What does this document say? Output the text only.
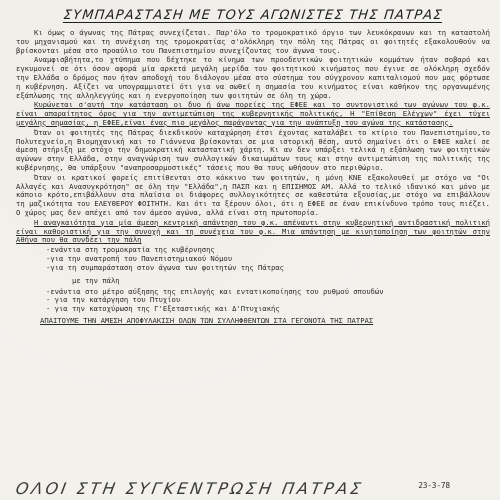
ΣΥΜΠΑΡΑΣΤΑΣΗ ΜΕ ΤΟΥΣ ΑΓΩΝΙΣΤΕΣ ΤΗΣ ΠΑΤΡΑΣ

Κι όμως ο άγωνας της Πάτρας συνεχίζεται. Παρ'όλο το τρομοκρατικό όργιο των λευκόκρανων και τη καταστολή του μηχανισμού και τη συνέχιση της τρομοκρατίας σ'ολόκληρη την πόλη της Πάτρας οι φοιτητές εξακολουθούν να βρίσκονται μέσα στο προαύλιο του Πανεπιστημίου συνεχίζοντας τον άγωνα τους.

Αναμφισβήτητα,το χτύπημα που δέχτηκε το κίνημα των προοδευτικών φοιτητικών κομμάτων ήταν σοβαρό και εγκυμονεί σε ότι όσον αφορά μία αρκετά μεγάλη μερίδα του φοιτητικού κινήματος που έγινε σε ολόκληρη σχεδόν την Ελλάδα ο δρόμος που ήταν αποδοχή του διάλογου μέσα στο σύστημα του σύγχρονου καπιταλισμού που μας φόρτωσε η κυβέρνηση. Αξίζει να υπογραμμιστεί ότι για να σωθεί η σημασία του κινήματος είναι καθήκον της οργανωμένης εξάπλωσης της αλληλεγγύης και η ενεργοποίηση των φοιτητών σε όλη τη χώρα.

Κυρώνεται σ'αυτή την κατάσταση οι δυο ή άνω πορείες της ΕΦΕΕ και το συντονιστικό των αγώνων του φ.κ. είναι απαραίτητος όρος για την αντιμετώπιση της κυβερνητικής πολιτικής, Η "Επίθεση Ελέγχων" έχει τύχει μεγάλης σημασίας, η ΕΦΕΕ,είναι ένας πιο μεγάλος παράγοντας για την ανάπτυξη του αγώνα της κατάστασης.

Όταν οι φοιτητές της Πάτρας διεκδικούν καταχώρηση έτσι έχοντας καταλάβει το κτίριο του Πανεπιστημίου,το Πολυτεχνείο,η Βιομηχανική και το Γιάννενα βρίσκονται σε μια ιστορική θέση, αυτό σημαίνει ότι ο ΕΦΕΕ καλεί σε άμεση στήριξη με στόχο την δημοκρατική καταστατική χάρτη. Κι αν δεν υπάρξει τελικά η εξάπλωση των φοιτητικών αγώνων στην Ελλάδα, στην αναγνώριση των συλλογικών δικαιωμάτων τους και στην αντιμετώπιση της πολιτικής της κυβέρνησης, θα υπάρξουν "αναπροσαρμοστικές" τάσεις που θα τους ωθήσουν στο περιθώριο.

Όταν οι κρατικοί φορείς επιτίθενται στο κόκκινο των φοιτητών, η μόνη ΚΝΕ εξακολουθεί με στόχο να "Οι Αλλαγές και Ανασυγκρότηση" σε όλη την "Ελλάδα",η ΠΑΣΠ και η ΕΠΙΣΗΜΟΣ ΑΜ. Αλλά το τελικό ιδανικό και μόνο με κάποιο κρότο,επιβάλλουν στα πλαίσια οι διάφορες συλλογικότητες σε καθεστώτα εξουσίας,με στόχο να επιβάλλουν τη μαζικότητα του ΕΛΕΥΘΕΡΟΥ ΦΟΙΤΗΤΗ. Και ότι τα ξέρουν όλοι, ότι η ΕΦΕΕ σε έναν επικίνδυνο τρόπο τους πιέζει. Ο χώρος μας δεν απέχει από τον άμεσο αγώνα, αλλά είναι στη πρωτοπορία.

Η αναγκαιότητα για μία άμεση κεντρική απάντηση του φ.κ. απέναντι στην κυβερνητική αντιδραστική πολιτική είναι καθοριστική για την συνοχή και τη συνέχεια του φ.κ. Μια απάντηση με κινητοποίηση των φοιτητών στην Αθήνα που θα συνδέει την πάλη

-ενάντια στη τρομοκρατία της κυβέρνησης
-για την ανατροπή του Πανεπιστημιακού Νόμου
-για τη συμπαράσταση στον άγωνα των φοιτητών της Πάτρας
με την πάλη
-ενάντια στο μέτρο αύξησης της επιλογής και εντατικοποίησης του ρυθμού σπουδών
- για την κατάργηση του Πτυχίου
- για την κατοχύρωση της Γ'Εξεταστικής και Δ'Πτυχιακής
ΑΠΑΙΤΟΥΜΕ ΤΗΝ ΑΜΕΣΗ ΑΠΟΦΥΛΑΚΙΣΗ ΟΛΩΝ ΤΩΝ ΣΥΛΛΗΦΘΕΝΤΩΝ ΣΤΑ ΓΕΓΟΝΟΤΑ ΤΗΣ ΠΑΤΡΑΣ
23-3-78
ΟΛΟΙ ΣΤΗ ΣΥΓΚΕΝΤΡΩΣΗ ΠΑΤΡΑΣ
